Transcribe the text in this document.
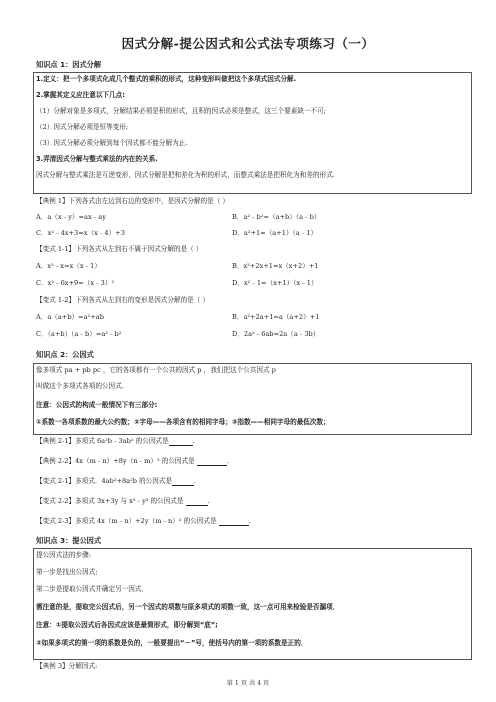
因式分解-提公因式和公式法专项练习（一）
知识点 1：因式分解
1.定义：把一个多项式化成几个整式的乘积的形式，这种变形叫做把这个多项式因式分解.
2.掌握其定义应注意以下几点:
（1）分解对象是多项式，分解结果必须是积的形式，且积的因式必须是整式，这三个要素缺一不可;
（2）因式分解必须是恒等变形;
（3）因式分解必须分解到每个因式都不能分解为止.
3.弄清因式分解与整式乘法的内在的关系.
因式分解与整式乘法是互逆变形，因式分解是把和差化为积的形式，而整式乘法是把积化为和差的形式.
【典例 1】下列各式由左边到右边的变形中，是因式分解的是（ ）
A．a（x﹣y）=ax﹣ay	B．a²﹣b²=（a+b）（a﹣b）
C．x²﹣4x+3=x（x﹣4）+3	D．a²+1=（a+1）（a﹣1）
【变式 1-1】下列各式从左到右不属于因式分解的是（ ）
A．x²﹣x=x（x﹣1）	B．x²+2x+1=x（x+2）+1
C．x²﹣6x+9=（x﹣3）²	D．x²﹣1=（x+1）（x﹣1）
【变式 1-2】下列各式从左到右的变形是因式分解的是（ ）
A．a（a+b）=a²+ab	B．a²+2a+1=a（a+2）+1
C．（a+b）（a﹣b）=a²﹣b²	D．2a²﹣6ab=2a（a﹣3b）
知识点 2：公因式
像多项式 pa + pb pc ，它的各项都有一个公共的因式 p ，我们把这个公共因式 p
叫做这个多项式各项的公因式.
注意：公因式的构成一般情况下有三部分:
①系数一各项系数的最大公约数；②字母——各项含有的相同字母；③指数——相同字母的最低次数；
【典例 2-1】多项式 6a²b﹣3ab² 的公因式是	.
【典例 2-2】4x（m﹣n）+8y（n﹣m）² 的公因式是	.
【变式 2-1】多项式．4ab²+8a²b 的公因式是	.
【变式 2-2】多项式 3x+3y 与 x²﹣y² 的公因式是	.
【变式 2-3】多项式 4x（m﹣n）+2y（m﹣n）² 的公因式是	.
知识点 3：提公因式
提公因式法的步骤:
第一步是找出公因式;
第二步是提取公因式并确定另一因式．
需注意的是，提取完公因式后，另一个因式的项数与原多项式的项数一致，这一点可用来检验是否漏项．
注意：①提取公因式后各因式应该是最简形式，即分解到“底”;
②如果多项式的第一项的系数是负的，一般要提出“－”号，使括号内的第一项的系数是正的．
【典例 3】分解因式:
第 1 页 共 4 页
